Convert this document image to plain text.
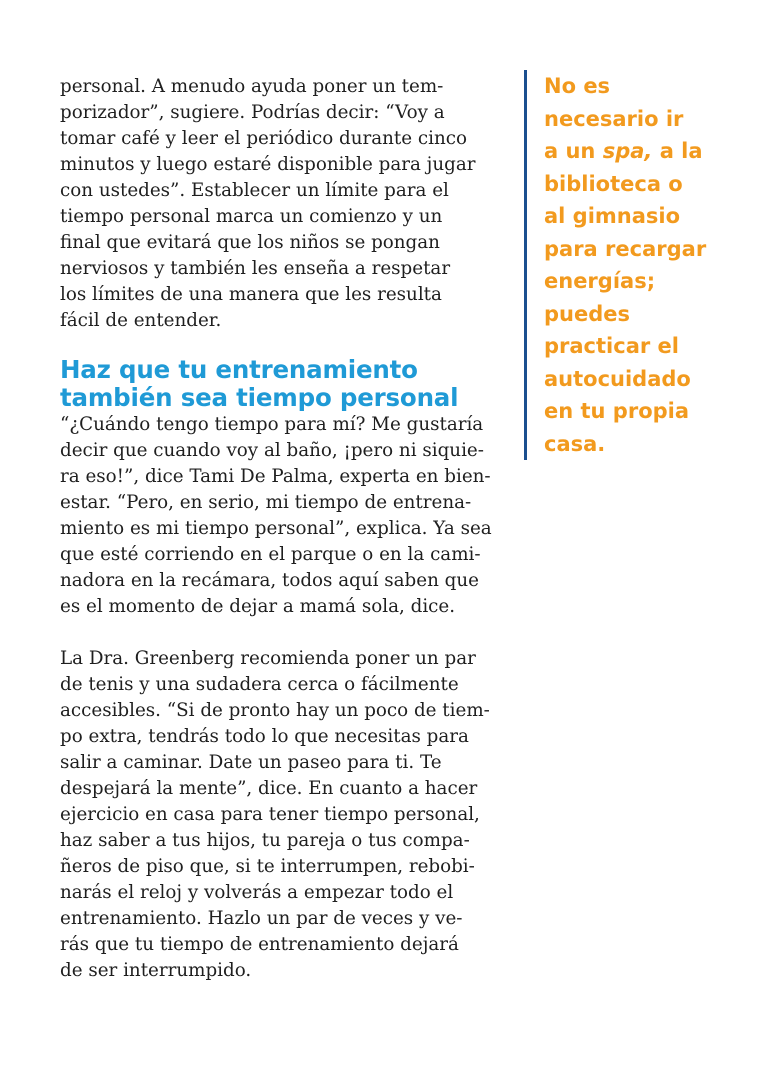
personal. A menudo ayuda poner un tem-
porizador”, sugiere. Podrías decir: “Voy a
tomar café y leer el periódico durante cinco
minutos y luego estaré disponible para jugar
con ustedes”. Establecer un límite para el
tiempo personal marca un comienzo y un
final que evitará que los niños se pongan
nerviosos y también les enseña a respetar
los límites de una manera que les resulta
fácil de entender.
Haz que tu entrenamiento
también sea tiempo personal
“¿Cuándo tengo tiempo para mí? Me gustaría
decir que cuando voy al baño, ¡pero ni siquie-
ra eso!”, dice Tami De Palma, experta en bien-
estar. “Pero, en serio, mi tiempo de entrena-
miento es mi tiempo personal”, explica. Ya sea
que esté corriendo en el parque o en la cami-
nadora en la recámara, todos aquí saben que
es el momento de dejar a mamá sola, dice.
La Dra. Greenberg recomienda poner un par
de tenis y una sudadera cerca o fácilmente
accesibles. “Si de pronto hay un poco de tiem-
po extra, tendrás todo lo que necesitas para
salir a caminar. Date un paseo para ti. Te
despejará la mente”, dice. En cuanto a hacer
ejercicio en casa para tener tiempo personal,
haz saber a tus hijos, tu pareja o tus compa-
ñeros de piso que, si te interrumpen, rebobi-
narás el reloj y volverás a empezar todo el
entrenamiento. Hazlo un par de veces y ve-
rás que tu tiempo de entrenamiento dejará
de ser interrumpido.

No es
necesario ir
a un spa, a la
biblioteca o
al gimnasio
para recargar
energías;
puedes
practicar el
autocuidado
en tu propia
casa.
